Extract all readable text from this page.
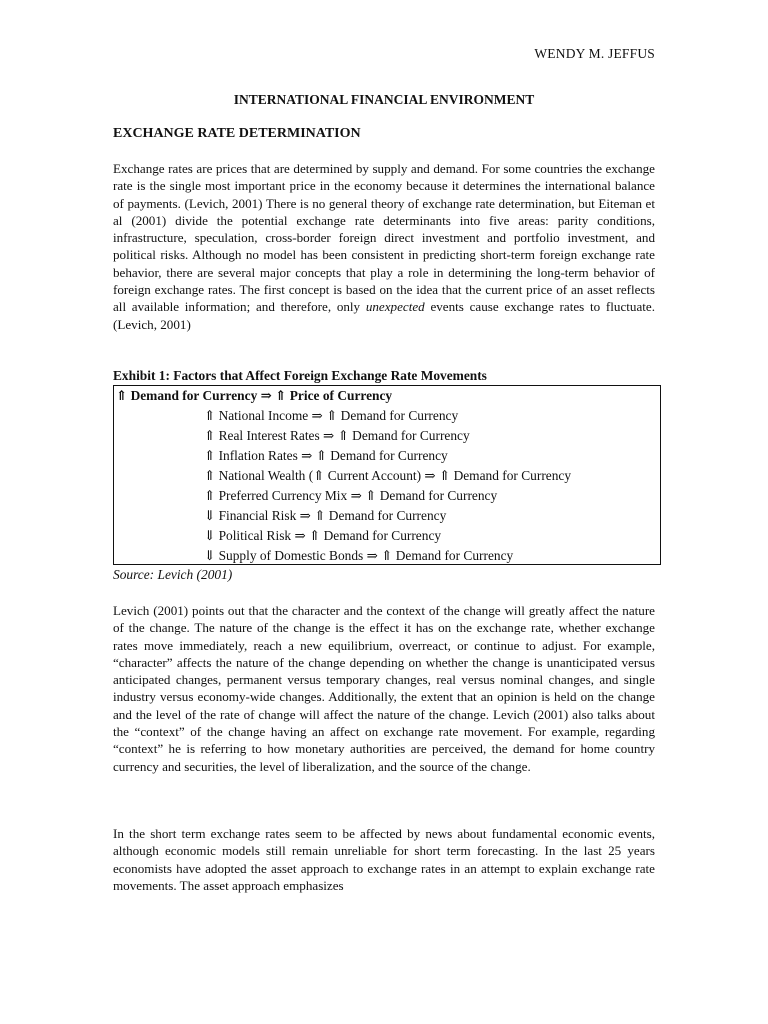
WENDY M. JEFFUS
INTERNATIONAL FINANCIAL ENVIRONMENT
EXCHANGE RATE DETERMINATION

Exchange rates are prices that are determined by supply and demand. For some countries the exchange rate is the single most important price in the economy because it determines the international balance of payments. (Levich, 2001) There is no general theory of exchange rate determination, but Eiteman et al (2001) divide the potential exchange rate determinants into five areas: parity conditions, infrastructure, speculation, cross-border foreign direct investment and portfolio investment, and political risks. Although no model has been consistent in predicting short-term foreign exchange rate behavior, there are several major concepts that play a role in determining the long-term behavior of foreign exchange rates. The first concept is based on the idea that the current price of an asset reflects all available information; and therefore, only unexpected events cause exchange rates to fluctuate. (Levich, 2001)

Exhibit 1: Factors that Affect Foreign Exchange Rate Movements
⇑ Demand for Currency ⇒ ⇑ Price of Currency
⇑ National Income ⇒ ⇑ Demand for Currency
⇑ Real Interest Rates ⇒ ⇑ Demand for Currency
⇑ Inflation Rates ⇒ ⇑ Demand for Currency
⇑ National Wealth (⇑ Current Account) ⇒ ⇑ Demand for Currency
⇑ Preferred Currency Mix ⇒ ⇑ Demand for Currency
⇓ Financial Risk ⇒ ⇑ Demand for Currency
⇓ Political Risk ⇒ ⇑ Demand for Currency
⇓ Supply of Domestic Bonds ⇒ ⇑ Demand for Currency
Source: Levich (2001)

Levich (2001) points out that the character and the context of the change will greatly affect the nature of the change. The nature of the change is the effect it has on the exchange rate, whether exchange rates move immediately, reach a new equilibrium, overreact, or continue to adjust. For example, “character” affects the nature of the change depending on whether the change is unanticipated versus anticipated changes, permanent versus temporary changes, real versus nominal changes, and single industry versus economy-wide changes. Additionally, the extent that an opinion is held on the change and the level of the rate of change will affect the nature of the change. Levich (2001) also talks about the “context” of the change having an affect on exchange rate movement. For example, regarding “context” he is referring to how monetary authorities are perceived, the demand for home country currency and securities, the level of liberalization, and the source of the change.

In the short term exchange rates seem to be affected by news about fundamental economic events, although economic models still remain unreliable for short term forecasting. In the last 25 years economists have adopted the asset approach to exchange rates in an attempt to explain exchange rate movements. The asset approach emphasizes
